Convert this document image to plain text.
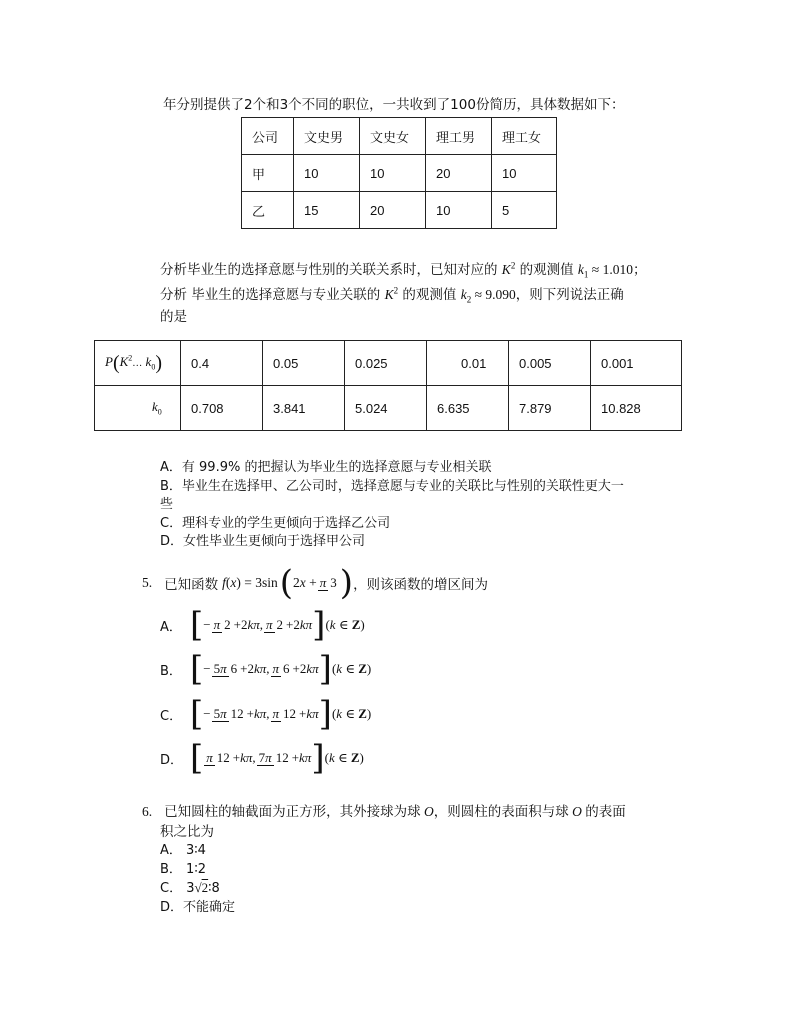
年分别提供了2个和3个不同的职位，一共收到了100份简历，具体数据如下：
公司	文史男	文史女	理工男	理工女
甲	10	10	20	10
乙	15	20	10	5
分析毕业生的选择意愿与性别的关联关系时，已知对应的 $K^2$ 的观测值 $k_1 \approx 1.010$；
分析 毕业生的选择意愿与专业关联的 $K^2$ 的观测值 $k_2 \approx 9.090$，则下列说法正确
的是
$P(K^2\dots$ $k_0$)	0.4	0.05	0.025	0.01	0.005	0.001
$k_0$	0.708	3.841	5.024	6.635	7.879	10.828
A．有 99.9% 的把握认为毕业生的选择意愿与专业相关联
B．毕业生在选择甲、乙公司时，选择意愿与专业的关联比与性别的关联性更大一
些
C．理科专业的学生更倾向于选择乙公司
D．女性毕业生更倾向于选择甲公司
5. 已知函数 f(x) = 3sin ( 2x + π 3 ) ，则该函数的增区间为
A． [ − π 2 +2kπ, π 2 +2kπ ] (k ∈ Z)
B． [ − 5π 6 +2kπ, π 6 +2kπ ] (k ∈ Z)
C． [ − 5π 12 +kπ, π 12 +kπ ] (k ∈ Z)
D． [ π 12 +kπ, 7π 12 +kπ ] (k ∈ Z)
6. 已知圆柱的轴截面为正方形，其外接球为球 O，则圆柱的表面积与球 O 的表面
积之比为
A． 3∶4
B． 1∶2
C． 3√2∶8
D．不能确定
